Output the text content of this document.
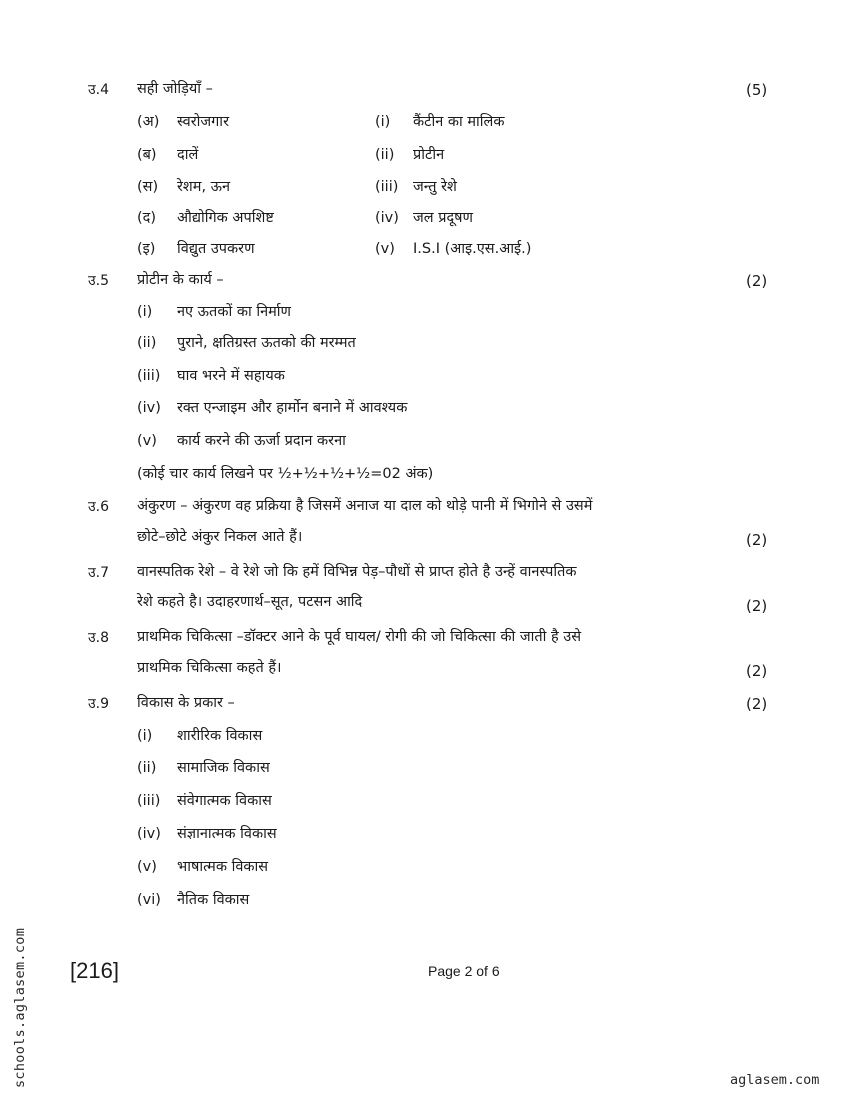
उ.4 सही जोड़ियाँ –	(5)
(अ) स्वरोजगार	(i) कैंटीन का मालिक
(ब) दालें	(ii) प्रोटीन
(स) रेशम, ऊन	(iii) जन्तु रेशे
(द) औद्योगिक अपशिष्ट	(iv) जल प्रदूषण
(इ) विद्युत उपकरण	(v) I.S.I (आइ.एस.आई.)
उ.5 प्रोटीन के कार्य –	(2)
(i) नए ऊतकों का निर्माण
(ii) पुराने, क्षतिग्रस्त ऊतको की मरम्मत
(iii) घाव भरने में सहायक
(iv) रक्त एन्जाइम और हार्मोन बनाने में आवश्यक
(v) कार्य करने की ऊर्जा प्रदान करना
(कोई चार कार्य लिखने पर ½+½+½+½=02 अंक)
उ.6 अंकुरण – अंकुरण वह प्रक्रिया है जिसमें अनाज या दाल को थोड़े पानी में भिगोने से उसमें
छोटे–छोटे अंकुर निकल आते हैं।	(2)
उ.7 वानस्पतिक रेशे – वे रेशे जो कि हमें विभिन्न पेड़–पौधों से प्राप्त होते है उन्हें वानस्पतिक
रेशे कहते है। उदाहरणार्थ–सूत, पटसन आदि	(2)
उ.8 प्राथमिक चिकित्सा –डॉक्टर आने के पूर्व घायल/ रोगी की जो चिकित्सा की जाती है उसे
प्राथमिक चिकित्सा कहते हैं।	(2)
उ.9 विकास के प्रकार –	(2)
(i) शारीरिक विकास
(ii) सामाजिक विकास
(iii) संवेगात्मक विकास
(iv) संज्ञानात्मक विकास
(v) भाषात्मक विकास
(vi) नैतिक विकास
[216]	Page 2 of 6
schools.aglasem.com	aglasem.com
